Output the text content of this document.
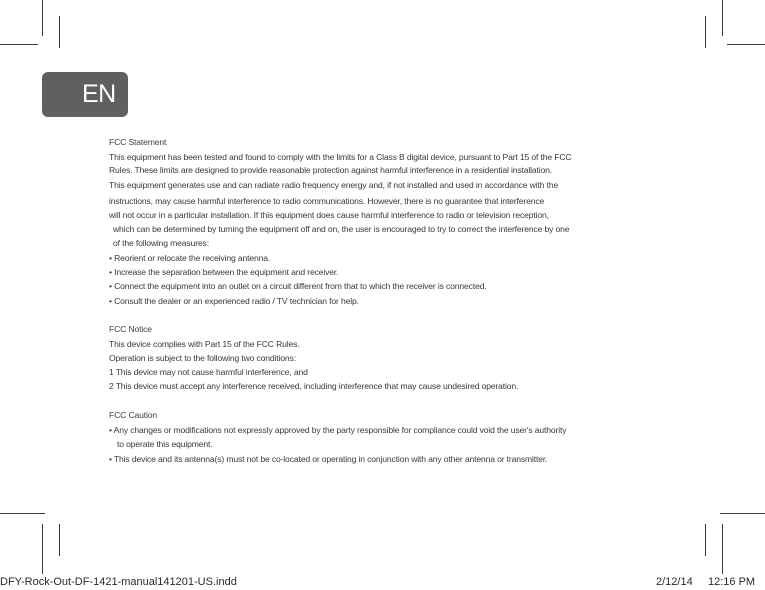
EN
FCC Statement
This equipment has been tested and found to comply with the limits for a Class B digital device, pursuant to Part 15 of the FCC
Rules. These limits are designed to provide reasonable protection against harmful interference in a residential installation.
This equipment generates use and can radiate radio frequency energy and, if not installed and used in accordance with the
instructions, may cause harmful interference to radio communications. However, there is no guarantee that interference
will not occur in a particular installation. If this equipment does cause harmful interference to radio or television reception,
which can be determined by turning the equipment off and on, the user is encouraged to try to correct the interference by one
of the following measures:
• Reorient or relocate the receiving antenna.
• Increase the separation between the equipment and receiver.
• Connect the equipment into an outlet on a circuit different from that to which the receiver is connected.
• Consult the dealer or an experienced radio / TV technician for help.
FCC Notice
This device complies with Part 15 of the FCC Rules.
Operation is subject to the following two conditions:
1 This device may not cause harmful interference, and
2 This device must accept any interference received, including interference that may cause undesired operation.
FCC Caution
• Any changes or modifications not expressly approved by the party responsible for compliance could void the user's authority
to operate this equipment.
• This device and its antenna(s) must not be co-located or operating in conjunction with any other antenna or transmitter.
DFY-Rock-Out-DF-1421-manual141201-US.indd	2/12/14 12:16 PM
